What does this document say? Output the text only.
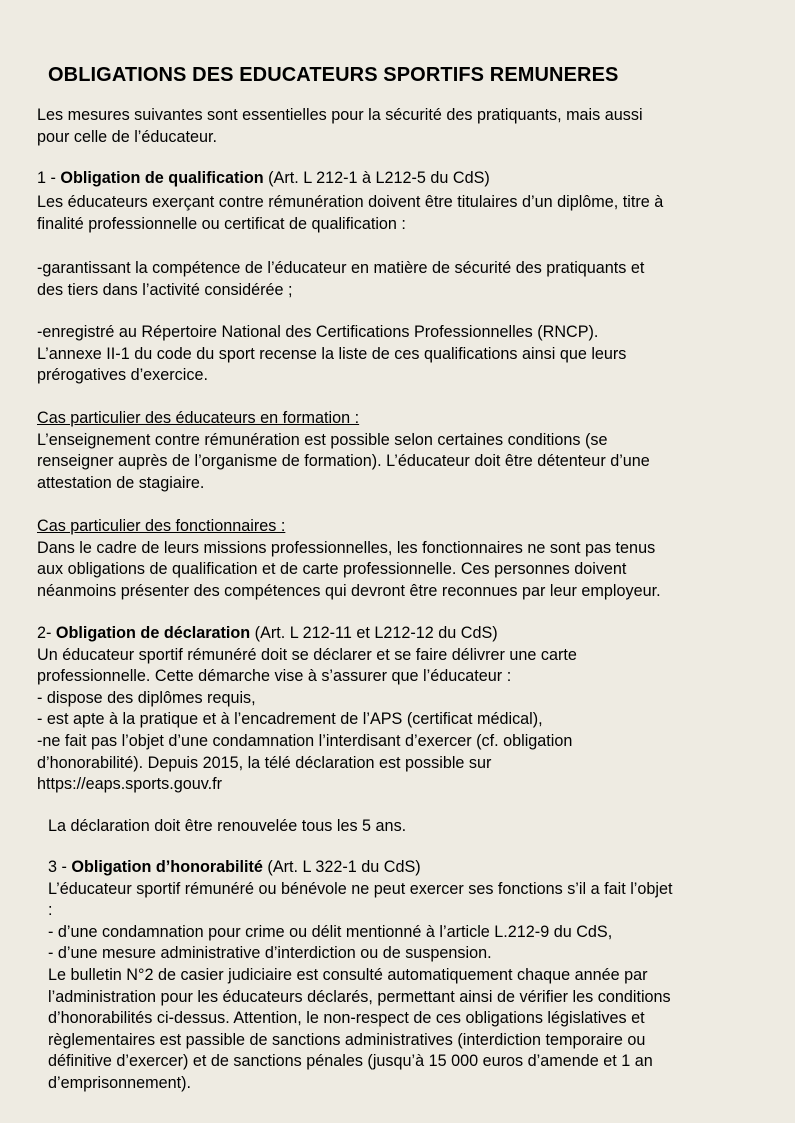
OBLIGATIONS DES EDUCATEURS SPORTIFS REMUNERES
Les mesures suivantes sont essentielles pour la sécurité des pratiquants, mais aussi
pour celle de l’éducateur.
1 - Obligation de qualification (Art. L 212-1 à L212-5 du CdS)
Les éducateurs exerçant contre rémunération doivent être titulaires d’un diplôme, titre à
finalité professionnelle ou certificat de qualification :
-garantissant la compétence de l’éducateur en matière de sécurité des pratiquants et
des tiers dans l’activité considérée ;
-enregistré au Répertoire National des Certifications Professionnelles (RNCP).
L’annexe II-1 du code du sport recense la liste de ces qualifications ainsi que leurs
prérogatives d’exercice.
Cas particulier des éducateurs en formation :
L’enseignement contre rémunération est possible selon certaines conditions (se
renseigner auprès de l’organisme de formation). L’éducateur doit être détenteur d’une
attestation de stagiaire.
Cas particulier des fonctionnaires :
Dans le cadre de leurs missions professionnelles, les fonctionnaires ne sont pas tenus
aux obligations de qualification et de carte professionnelle. Ces personnes doivent
néanmoins présenter des compétences qui devront être reconnues par leur employeur.
2- Obligation de déclaration (Art. L 212-11 et L212-12 du CdS)
Un éducateur sportif rémunéré doit se déclarer et se faire délivrer une carte
professionnelle. Cette démarche vise à s’assurer que l’éducateur :
- dispose des diplômes requis,
- est apte à la pratique et à l’encadrement de l’APS (certificat médical),
-ne fait pas l’objet d’une condamnation l’interdisant d’exercer (cf. obligation
d’honorabilité). Depuis 2015, la télé déclaration est possible sur
https://eaps.sports.gouv.fr
La déclaration doit être renouvelée tous les 5 ans.
3 - Obligation d’honorabilité (Art. L 322-1 du CdS)
L’éducateur sportif rémunéré ou bénévole ne peut exercer ses fonctions s’il a fait l’objet
:
- d’une condamnation pour crime ou délit mentionné à l’article L.212-9 du CdS,
- d’une mesure administrative d’interdiction ou de suspension.
Le bulletin N°2 de casier judiciaire est consulté automatiquement chaque année par
l’administration pour les éducateurs déclarés, permettant ainsi de vérifier les conditions
d’honorabilités ci-dessus. Attention, le non-respect de ces obligations législatives et
règlementaires est passible de sanctions administratives (interdiction temporaire ou
définitive d’exercer) et de sanctions pénales (jusqu’à 15 000 euros d’amende et 1 an
d’emprisonnement).
